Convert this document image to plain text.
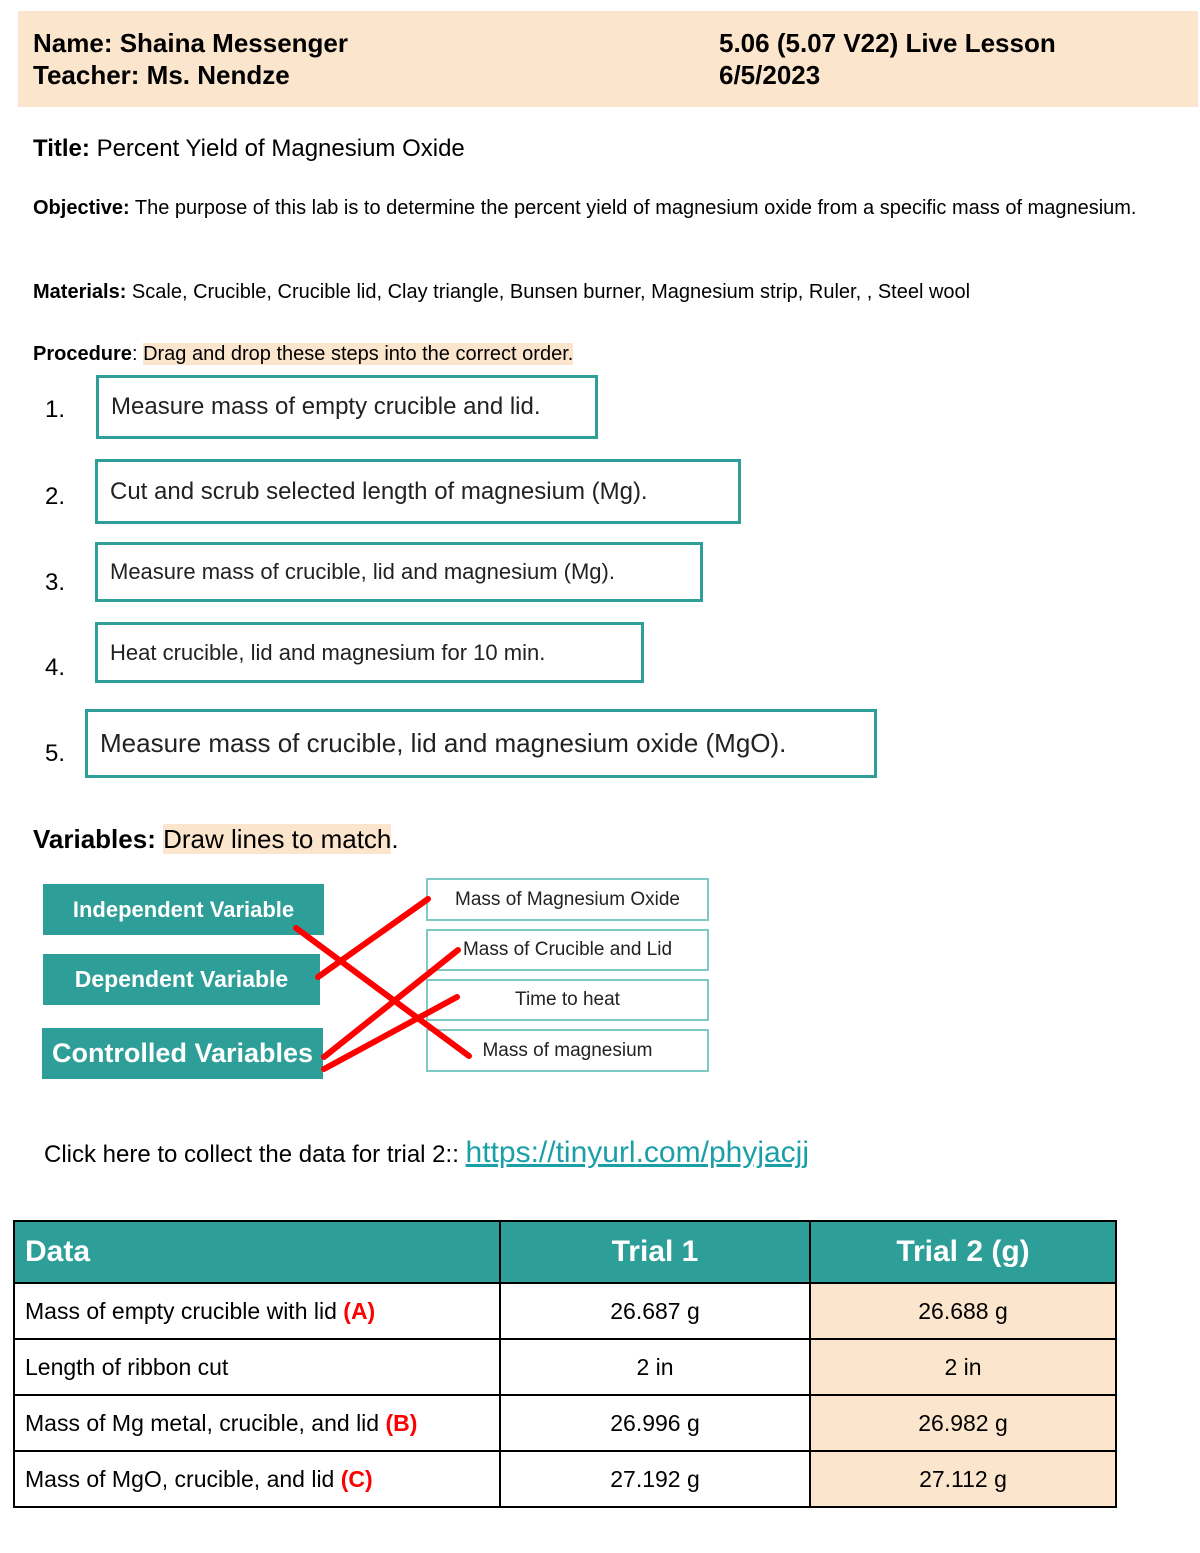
Name: Shaina Messenger
Teacher: Ms. Nendze
5.06 (5.07 V22) Live Lesson
6/5/2023
Title: Percent Yield of Magnesium Oxide
Objective: The purpose of this lab is to determine the percent yield of magnesium oxide from a specific mass of magnesium.
Materials: Scale, Crucible, Crucible lid, Clay triangle, Bunsen burner, Magnesium strip, Ruler, , Steel wool
Procedure: Drag and drop these steps into the correct order.
1.	Measure mass of empty crucible and lid.
2.	Cut and scrub selected length of magnesium (Mg).
3.	Measure mass of crucible, lid and magnesium (Mg).
4.
Heat crucible, lid and magnesium for 10 min.
5.	Measure mass of crucible, lid and magnesium oxide (MgO).
Variables: Draw lines to match.
Independent Variable
Dependent Variable
Controlled Variables
Mass of Magnesium Oxide
Mass of Crucible and Lid
Time to heat
Mass of magnesium
Click here to collect the data for trial 2:: https://tinyurl.com/phyjacjj
Data	Trial 1	Trial 2 (g)
Mass of empty crucible with lid (A)	26.687 g	26.688 g
Length of ribbon cut	2 in	2 in
Mass of Mg metal, crucible, and lid (B)	26.996 g	26.982 g
Mass of MgO, crucible, and lid (C)	27.192 g	27.112 g
